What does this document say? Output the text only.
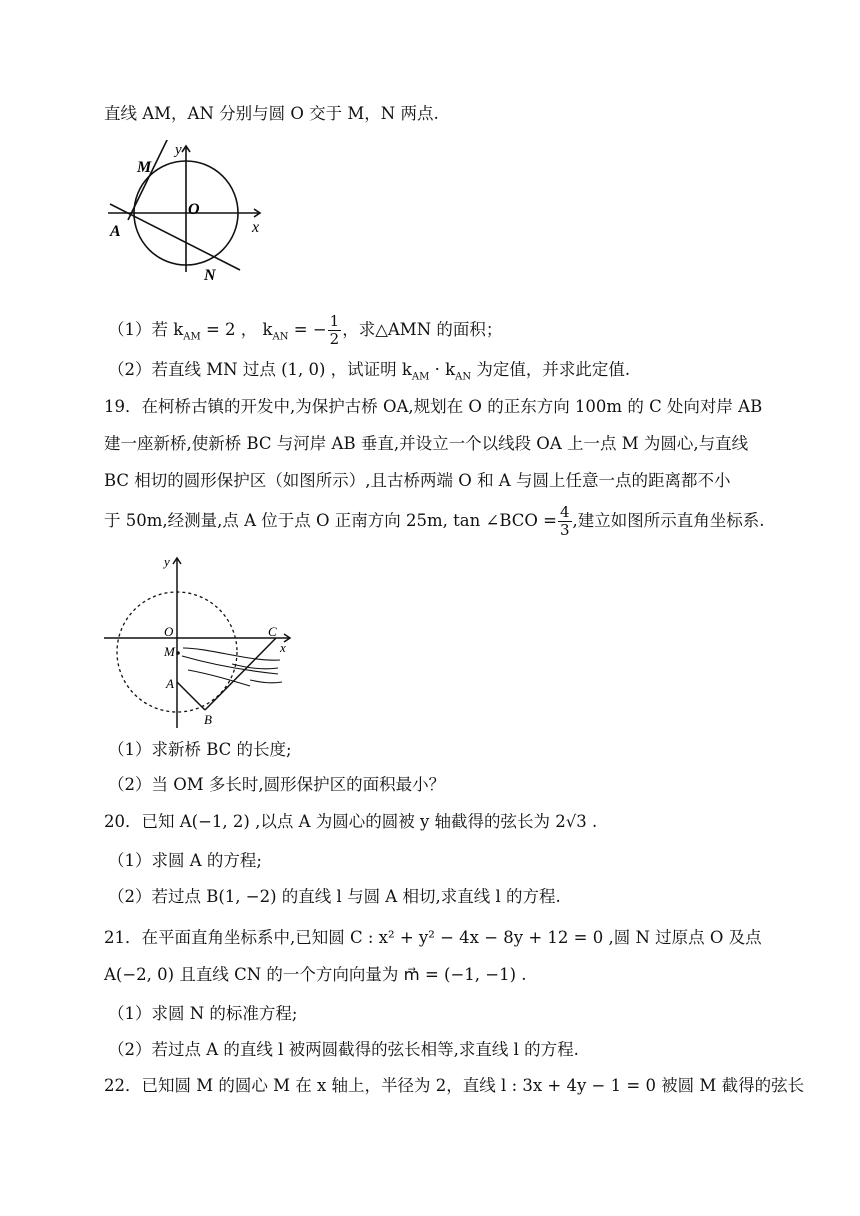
直线 AM，AN 分别与圆 O 交于 M，N 两点.
y
x
M
O
A
N
（1）若 $k_{AM} = 2$ ， $k_{AN}$ = − $\frac{1}{2}$ ，求△AMN 的面积；
（2）若直线 MN 过点 (1, 0) ，试证明 $k_{AM} \cdot k_{AN}$ 为定值，并求此定值.
19．在柯桥古镇的开发中,为保护古桥 OA,规划在 O 的正东方向 100m 的 C 处向对岸 AB
建一座新桥,使新桥 BC 与河岸 AB 垂直,并设立一个以线段 OA 上一点 M 为圆心,与直线
BC 相切的圆形保护区（如图所示）,且古桥两端 O 和 A 与圆上任意一点的距离都不小
于 50m,经测量,点 A 位于点 O 正南方向 25m, tan ∠BCO = $\frac{4}{3}$ ,建立如图所示直角坐标系.
y
x
O	C
M
A
B
（1）求新桥 BC 的长度;
（2）当 OM 多长时,圆形保护区的面积最小？
20．已知 A(−1, 2) ,以点 A 为圆心的圆被 y 轴截得的弦长为 2√3 .
（1）求圆 A 的方程;
（2）若过点 B(1, −2) 的直线 l 与圆 A 相切,求直线 l 的方程.
21．在平面直角坐标系中,已知圆 C : x² + y² − 4x − 8y + 12 = 0 ,圆 N 过原点 O 及点
A(−2, 0) 且直线 CN 的一个方向向量为 m⃗ = (−1, −1) .
（1）求圆 N 的标准方程;
（2）若过点 A 的直线 l 被两圆截得的弦长相等,求直线 l 的方程.
22．已知圆 M 的圆心 M 在 x 轴上，半径为 2，直线 l : 3x + 4y − 1 = 0 被圆 M 截得的弦长
